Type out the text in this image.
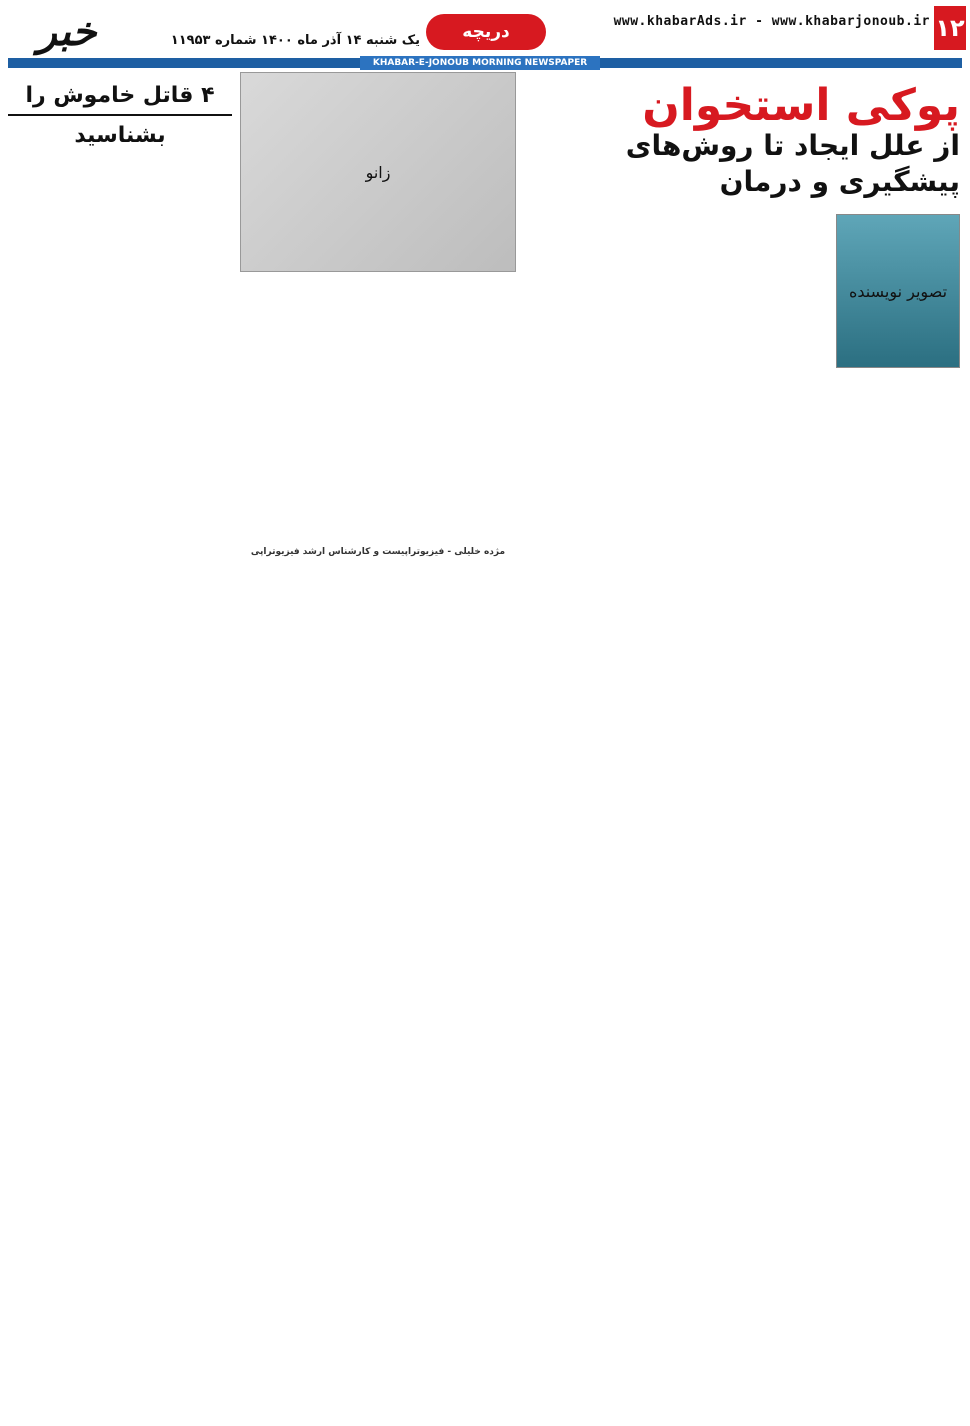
۱۲
www.khabarAds.ir - www.khabarjonoub.ir
دریچه
یک شنبه ۱۴ آذر ماه ۱۴۰۰ شماره ۱۱۹۵۳
خبر
KHABAR-E-JONOUB MORNING NEWSPAPER
پوکی استخوان
از علل ایجاد تا روش‌های پیشگیری و درمان
زانو
تصویر نویسنده
مژده خلیلی - فیزیوتراپیست و کارشناس ارشد فیزیوتراپی
۴ قاتل خاموش را بشناسید
